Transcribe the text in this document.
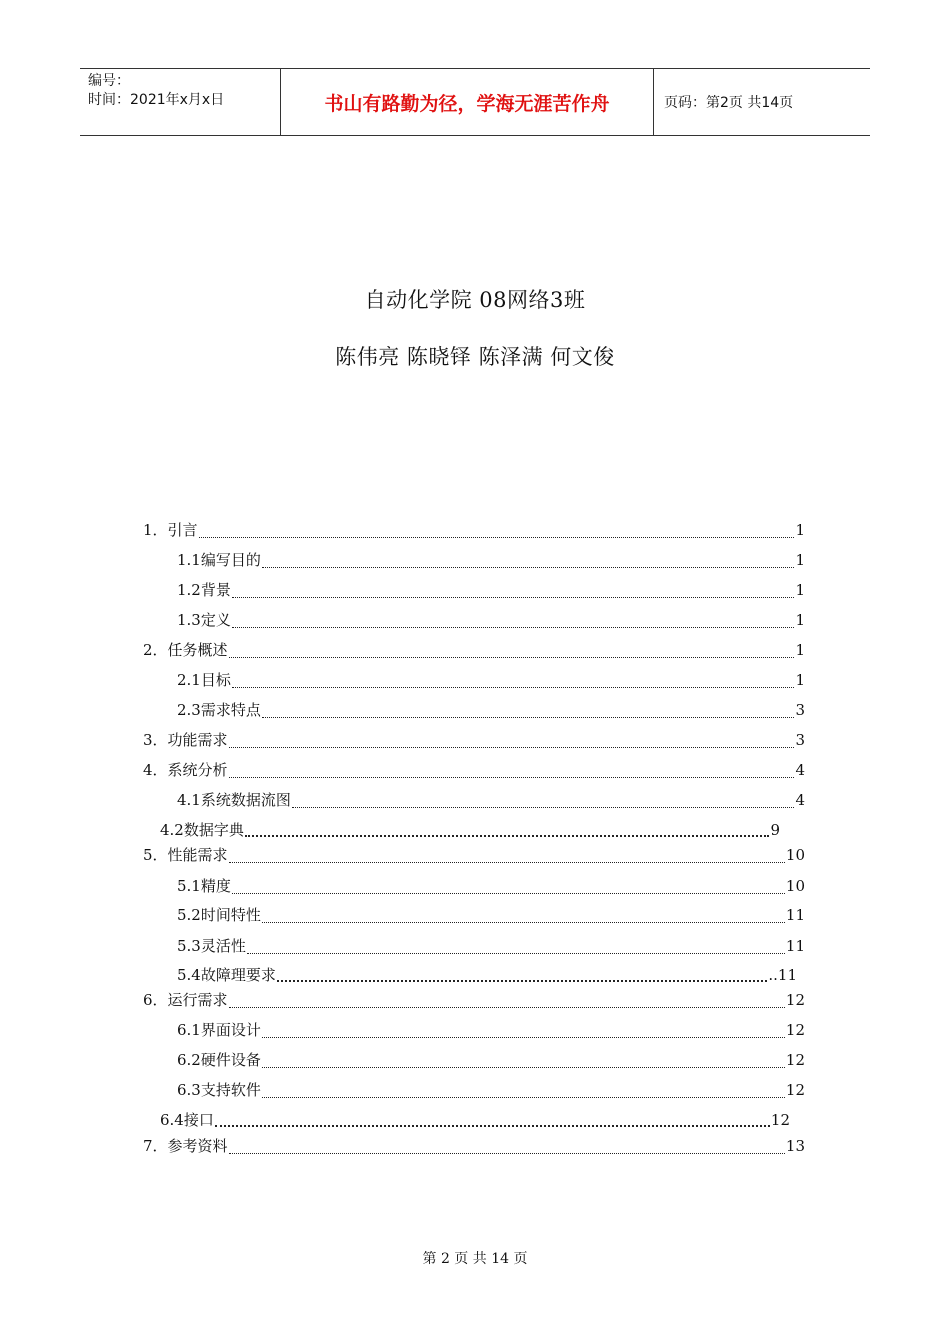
编号：
时间：2021年x月x日	书山有路勤为径，学海无涯苦作舟	页码：第2页 共14页
自动化学院 08网络3班
陈伟亮 陈晓铎 陈泽满 何文俊
1．引言	1
1.1编写目的	1
1.2背景	1
1.3定义	1
2．任务概述	1
2.1目标	1
2.3需求特点	3
3．功能需求	3
4．系统分析	4
4.1系统数据流图	4
4.2数据字典	9
5．性能需求	10
5.1精度	10
5.2时间特性	11
5.3灵活性	11
5.4故障理要求	..11
6．运行需求	12
6.1界面设计	12
6.2硬件设备	12
6.3支持软件	12
6.4接口	12
7．参考资料	13
第 2 页 共 14 页
